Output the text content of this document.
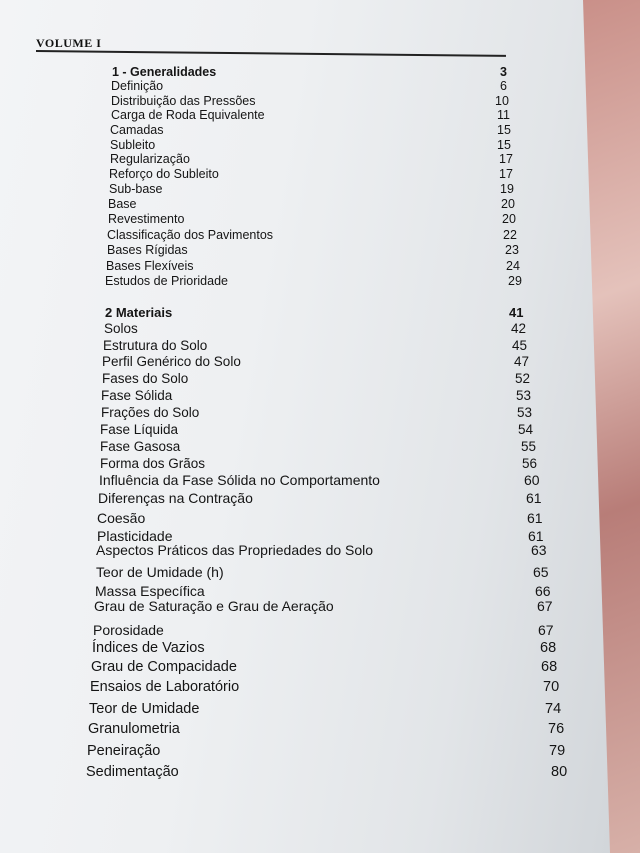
VOLUME I
1 - Generalidades	3
Definição	6
Distribuição das Pressões	10
Carga de Roda Equivalente	11
Camadas	15
Subleito	15
Regularização	17
Reforço do Subleito	17
Sub-base	19
Base	20
Revestimento	20
Classificação dos Pavimentos	22
Bases Rígidas	23
Bases Flexíveis	24
Estudos de Prioridade	29
2 Materiais	41
Solos	42
Estrutura do Solo	45
Perfil Genérico do Solo	47
Fases do Solo	52
Fase Sólida	53
Frações do Solo	53
Fase Líquida	54
Fase Gasosa	55
Forma dos Grãos	56
Influência da Fase Sólida no Comportamento	60
Diferenças na Contração	61
Coesão	61
Plasticidade	61
Aspectos Práticos das Propriedades do Solo	63
Teor de Umidade (h)	65
Massa Específica	66
Grau de Saturação e Grau de Aeração	67
Porosidade	67
Índices de Vazios	68
Grau de Compacidade	68
Ensaios de Laboratório	70
Teor de Umidade	74
Granulometria	76
Peneiração	79
Sedimentação	80
